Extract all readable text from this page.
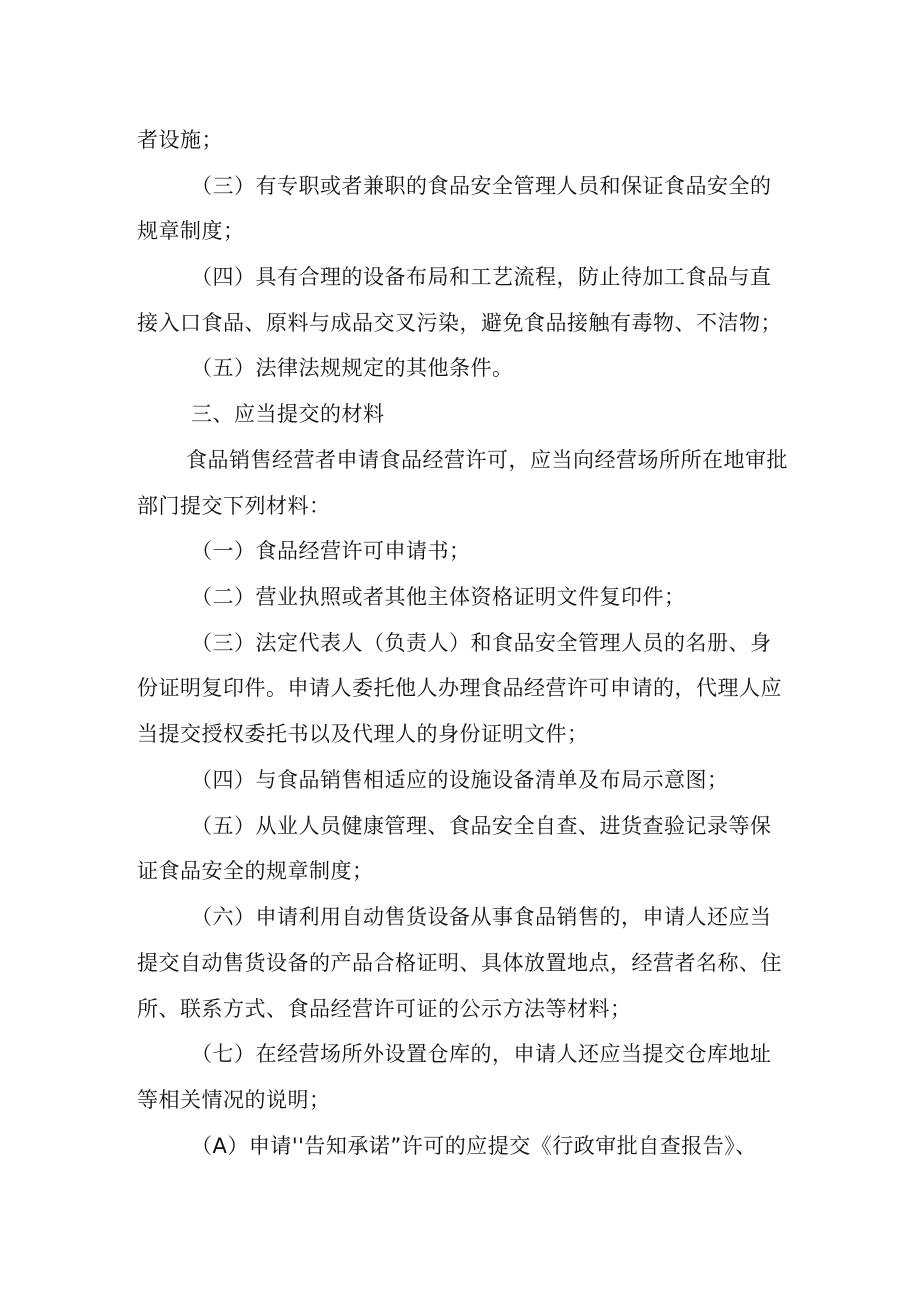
者设施；
（三）有专职或者兼职的食品安全管理人员和保证食品安全的
规章制度；
（四）具有合理的设备布局和工艺流程，防止待加工食品与直
接入口食品、原料与成品交叉污染，避免食品接触有毒物、不洁物；
（五）法律法规规定的其他条件。
三、应当提交的材料
食品销售经营者申请食品经营许可，应当向经营场所所在地审批
部门提交下列材料：
（一）食品经营许可申请书；
（二）营业执照或者其他主体资格证明文件复印件；
（三）法定代表人（负责人）和食品安全管理人员的名册、身
份证明复印件。申请人委托他人办理食品经营许可申请的，代理人应
当提交授权委托书以及代理人的身份证明文件；
（四）与食品销售相适应的设施设备清单及布局示意图；
（五）从业人员健康管理、食品安全自查、进货查验记录等保
证食品安全的规章制度；
（六）申请利用自动售货设备从事食品销售的，申请人还应当
提交自动售货设备的产品合格证明、具体放置地点，经营者名称、住
所、联系方式、食品经营许可证的公示方法等材料；
（七）在经营场所外设置仓库的，申请人还应当提交仓库地址
等相关情况的说明；
（A）申请''告知承诺”许可的应提交《行政审批自查报告》、
